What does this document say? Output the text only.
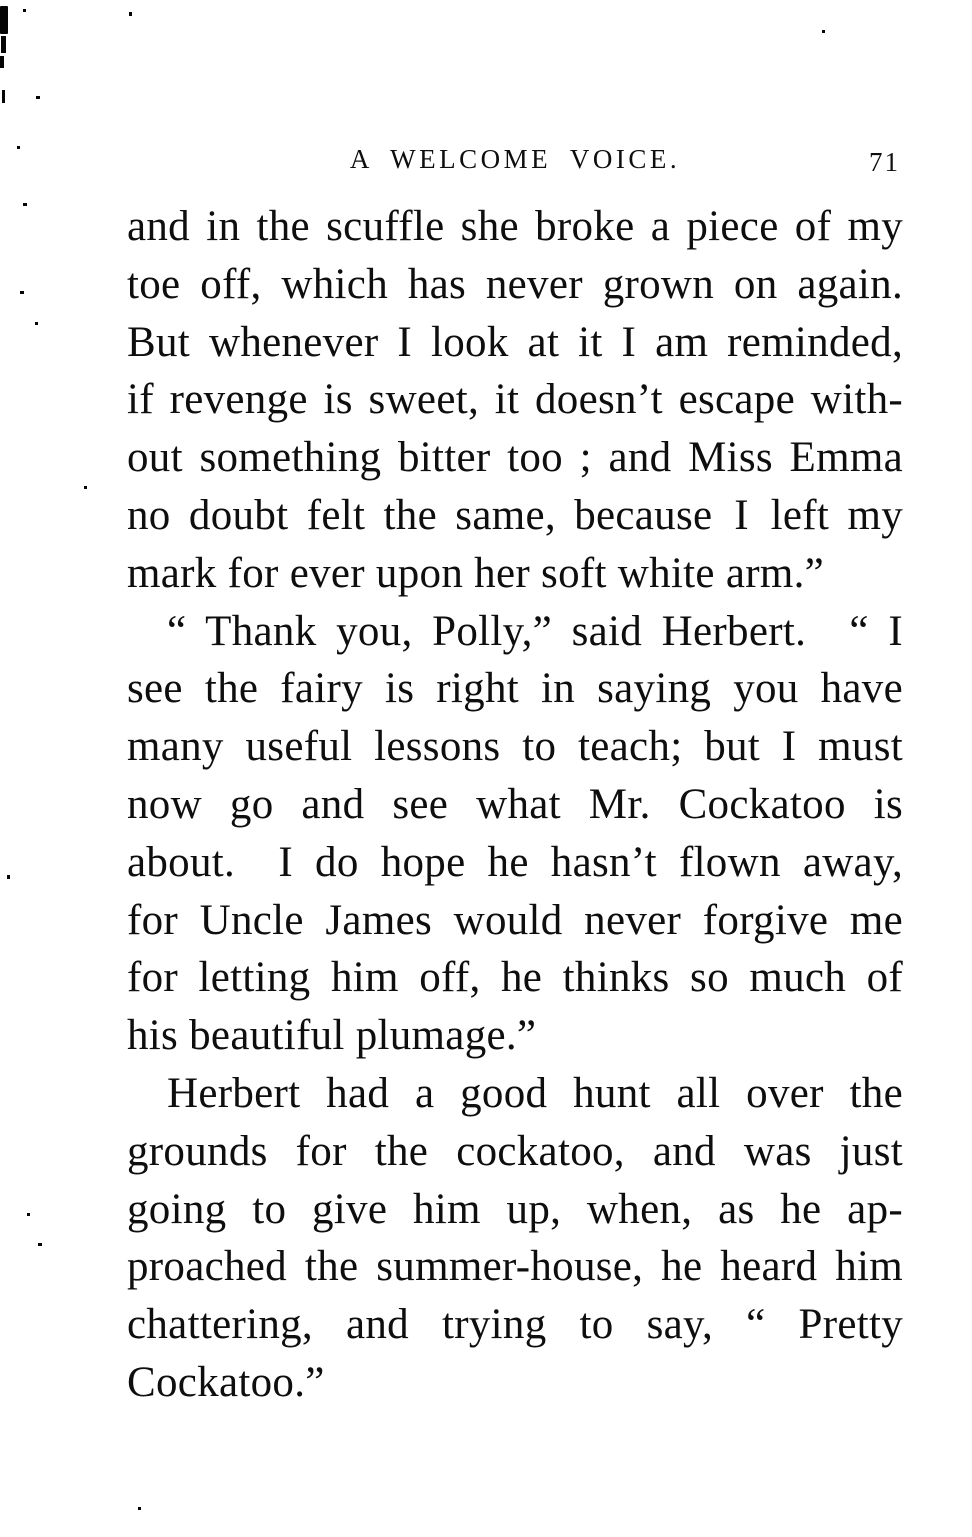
A WELCOME VOICE.	71
and in the scuffle she broke a piece of my
toe off, which has never grown on again.
But whenever I look at it I am reminded,
if revenge is sweet, it doesn’t escape with-
out something bitter too ; and Miss Emma
no doubt felt the same, because I left my
mark for ever upon her soft white arm.”
“ Thank you, Polly,” said Herbert. “ I
see the fairy is right in saying you have
many useful lessons to teach; but I must
now go and see what Mr. Cockatoo is
about. I do hope he hasn’t flown away,
for Uncle James would never forgive me
for letting him off, he thinks so much of
his beautiful plumage.”
Herbert had a good hunt all over the
grounds for the cockatoo, and was just
going to give him up, when, as he ap-
proached the summer-house, he heard him
chattering, and trying to say, “ Pretty
Cockatoo.”
